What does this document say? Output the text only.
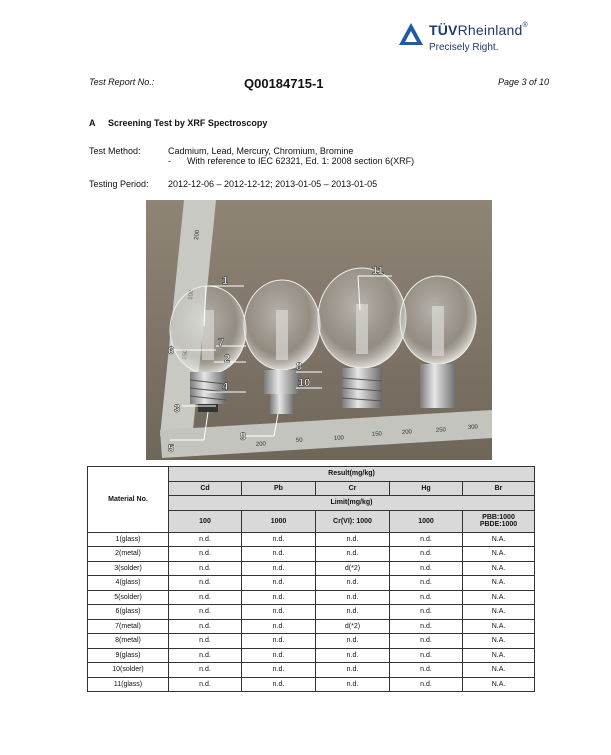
TÜVRheinland®
Precisely Right.
Test Report No.:	Q00184715-1	Page 3 of 10
A Screening Test by XRF Spectroscopy
Test Method:	Cadmium, Lead, Mercury, Chromium, Bromine
- With reference to IEC 62321, Ed. 1: 2008 section 6(XRF)
Testing Period: 2012-12-06 – 2012-12-12; 2013-01-05 – 2013-01-05
200
200
50	100
150	200	250	300
1
2
3
4
5
6
7
8
9
10
11
Material No.	Result(mg/kg)				
	Cd	Pb	Cr	Hg	Br
	Limit(mg/kg)				
	100	1000	Cr(VI): 1000	1000	PBB:1000
PBDE:1000
1(glass)	n.d.	n.d.	n.d.	n.d.	N.A.
2(metal)	n.d.	n.d.	n.d.	n.d.	N.A.
3(solder)	n.d.	n.d.	d(*2)	n.d.	N.A.
4(glass)	n.d.	n.d.	n.d.	n.d.	N.A.
5(solder)	n.d.	n.d.	n.d.	n.d.	N.A.
6(glass)	n.d.	n.d.	n.d.	n.d.	N.A.
7(metal)	n.d.	n.d.	d(*2)	n.d.	N.A.
8(metal)	n.d.	n.d.	n.d.	n.d.	N.A.
9(glass)	n.d.	n.d.	n.d.	n.d.	N.A.
10(solder)	n.d.	n.d.	n.d.	n.d.	N.A.
11(glass)	n.d.	n.d.	n.d.	n.d.	N.A.
